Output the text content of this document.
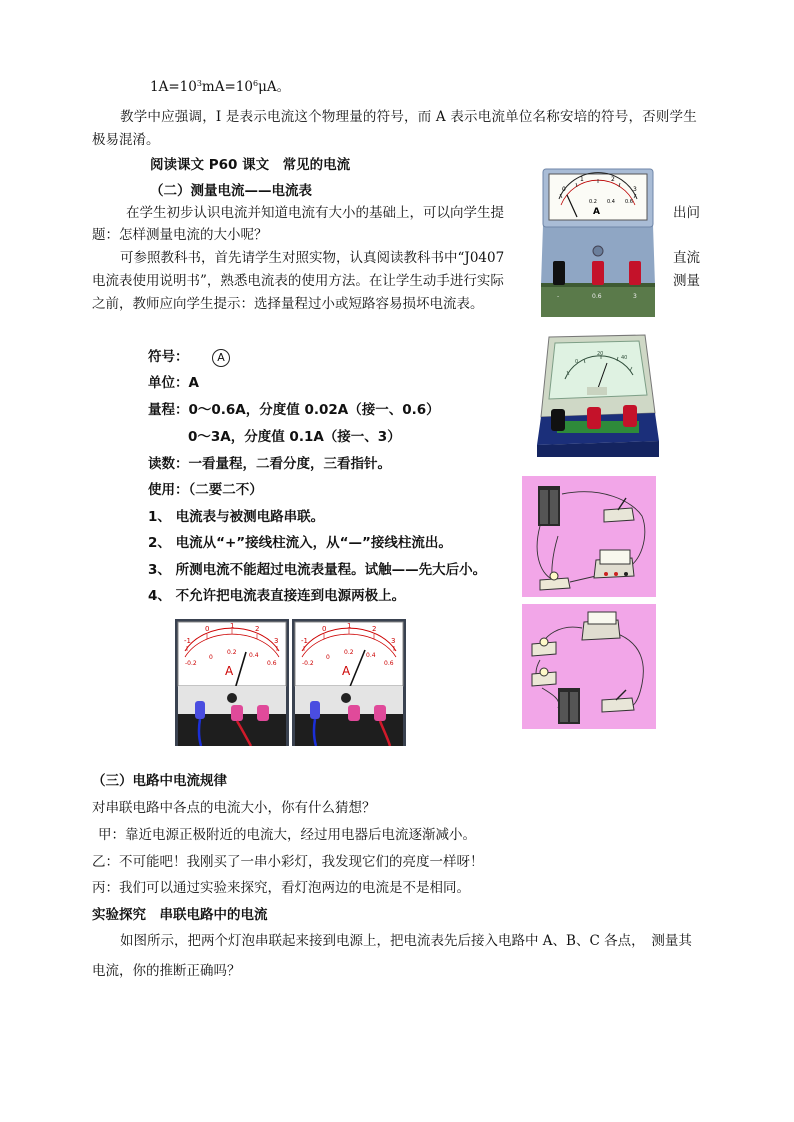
$1A=10^3mA=10^6\mu A$。
教学中应强调，I 是表示电流这个物理量的符号，而 A 表示电流单位名称安培的符号，否则学生
极易混淆。
阅读课文 P60 课文　常见的电流
（二）测量电流——电流表
在学生初步认识电流并知道电流有大小的基础上，可以向学生提	出问
题：怎样测量电流的大小呢？
可参照教科书，首先请学生对照实物，认真阅读教科书中“J0407	直流
电流表使用说明书”，熟悉电流表的使用方法。在让学生动手进行实际	测量
之前，教师应向学生提示：选择量程过小或短路容易损坏电流表。
符号：	A
单位：A
量程：0～0.6A，分度值 0.02A（接一、0.6）
0～3A，分度值 0.1A（接一、3）
读数：一看量程，二看分度，三看指针。
使用：（二要二不）
1、 电流表与被测电路串联。
2、 电流从“+”接线柱流入，从“—”接线柱流出。
3、 所测电流不能超过电流表量程。试触——先大后小。
4、 不允许把电流表直接连到电源两极上。
（三）电路中电流规律
对串联电路中各点的电流大小，你有什么猜想？
甲：靠近电源正极附近的电流大，经过用电器后电流逐渐减小。
乙：不可能吧！我刚买了一串小彩灯，我发现它们的亮度一样呀！
丙：我们可以通过实验来探究，看灯泡两边的电流是不是相同。
实验探究　串联电路中的电流
如图所示，把两个灯泡串联起来接到电源上，把电流表先后接入电路中 A、B、C 各点，　测量其
电流，你的推断正确吗？
0
1	2
3
0.2 0.4 0.6
A
-	0.6	3
0
20
40
-1
0	1	2
3
-0.2
0
0.2 0.4
0.6
A
-1
0	1	2
3
-0.2
0
0.2 0.4
0.6
A
